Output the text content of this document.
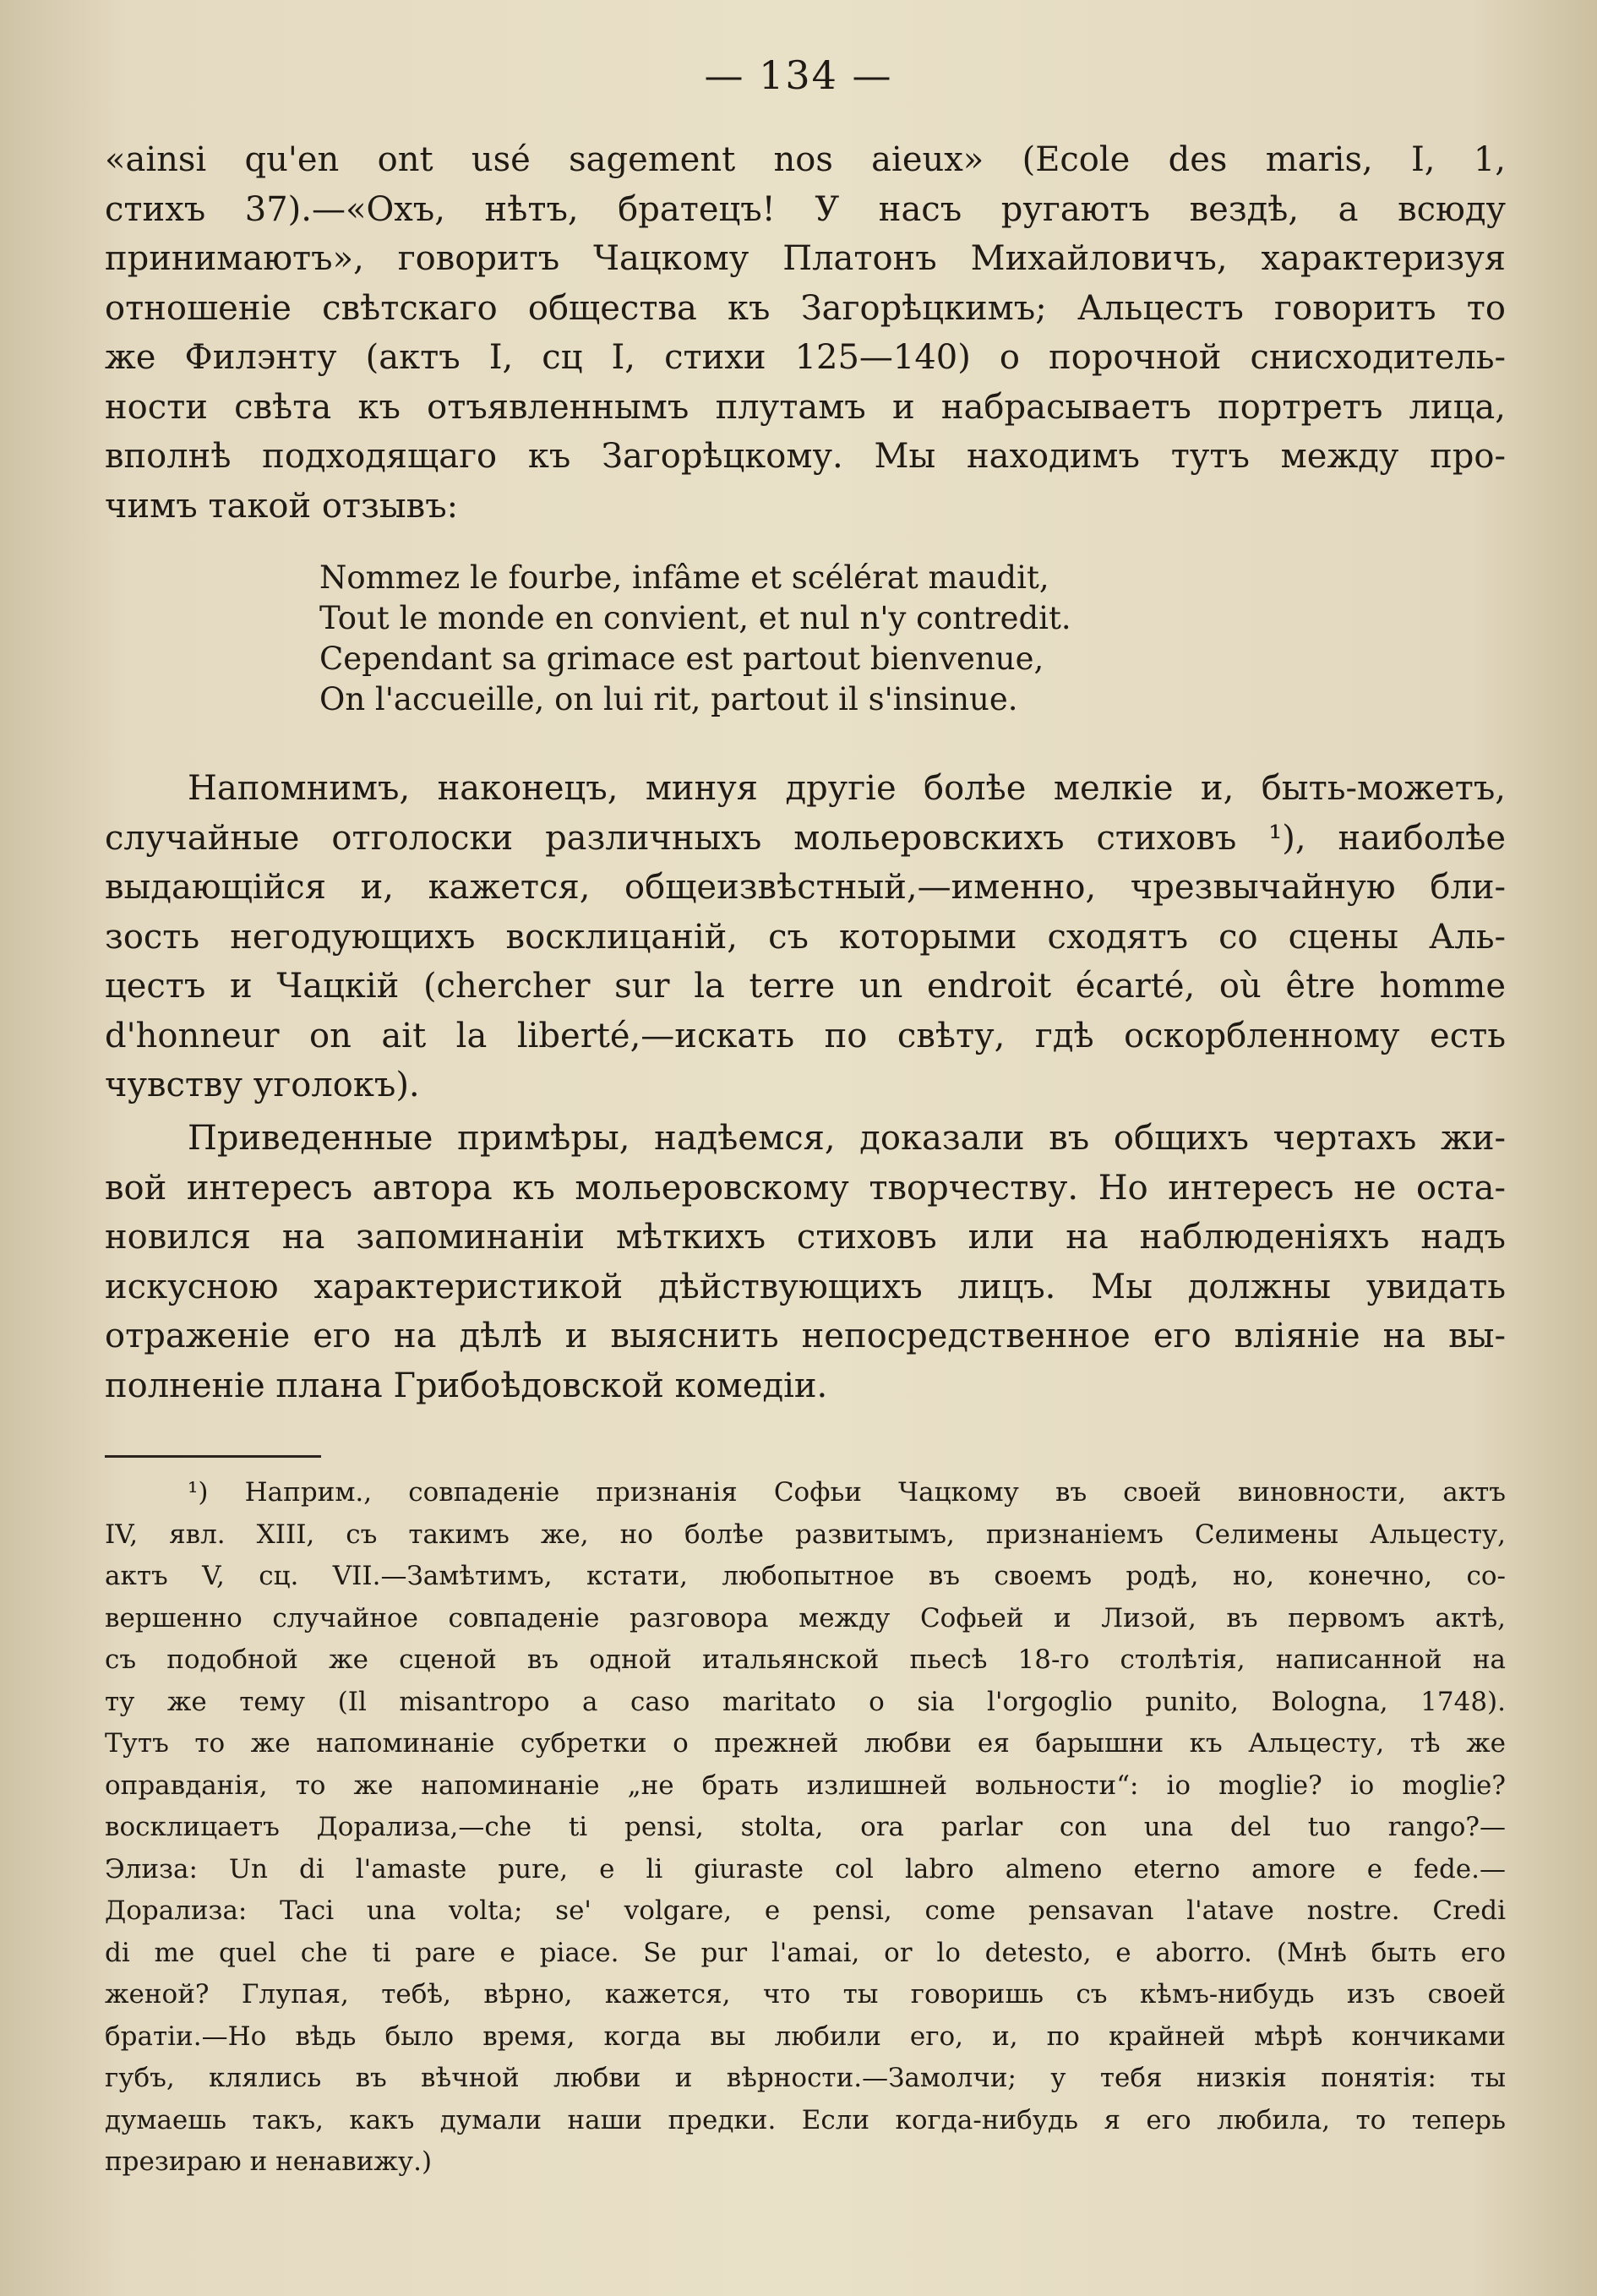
— 134 —
«ainsi qu'en ont usé sagement nos aieux» (Ecole des maris, I, 1,
стихъ 37).—«Охъ, нѣтъ, братецъ! У насъ ругаютъ вездѣ, а всюду
принимаютъ», говоритъ Чацкому Платонъ Михайловичъ, характеризуя
отношеніе свѣтскаго общества къ Загорѣцкимъ; Альцестъ говоритъ то
же Филэнту (актъ I, сц I, стихи 125—140) о порочной снисходитель-
ности свѣта къ отъявленнымъ плутамъ и набрасываетъ портретъ лица,
вполнѣ подходящаго къ Загорѣцкому. Мы находимъ тутъ между про-
чимъ такой отзывъ:
Nommez le fourbe, infâme et scélérat maudit,
Tout le monde en convient, et nul n'y contredit.
Cependant sa grimace est partout bienvenue,
On l'accueille, on lui rit, partout il s'insinue.
Напомнимъ, наконецъ, минуя другіе болѣе мелкіе и, быть-можетъ,
случайные отголоски различныхъ мольеровскихъ стиховъ ¹), наиболѣе
выдающійся и, кажется, общеизвѣстный,—именно, чрезвычайную бли-
зость негодующихъ восклицаній, съ которыми сходятъ со сцены Аль-
цестъ и Чацкій (chercher sur la terre un endroit écarté, où être homme
d'honneur on ait la liberté,—искать по свѣту, гдѣ оскорбленному есть
чувству уголокъ).
Приведенные примѣры, надѣемся, доказали въ общихъ чертахъ жи-
вой интересъ автора къ мольеровскому творчеству. Но интересъ не оста-
новился на запоминаніи мѣткихъ стиховъ или на наблюденіяхъ надъ
искусною характеристикой дѣйствующихъ лицъ. Мы должны увидать
отраженіе его на дѣлѣ и выяснить непосредственное его вліяніе на вы-
полненіе плана Грибоѣдовской комедіи.
¹) Наприм., совпаденіе признанія Софьи Чацкому въ своей виновности, актъ
IV, явл. XIII, съ такимъ же, но болѣе развитымъ, признаніемъ Селимены Альцесту,
актъ V, сц. VII.—Замѣтимъ, кстати, любопытное въ своемъ родѣ, но, конечно, со-
вершенно случайное совпаденіе разговора между Софьей и Лизой, въ первомъ актѣ,
съ подобной же сценой въ одной итальянской пьесѣ 18-го столѣтія, написанной на
ту же тему (Il misantropo a caso maritato o sia l'orgoglio punito, Bologna, 1748).
Тутъ то же напоминаніе субретки о прежней любви ея барышни къ Альцесту, тѣ же
оправданія, то же напоминаніе „не брать излишней вольности“: io moglie? io moglie?
восклицаетъ Дорализа,—che ti pensi, stolta, ora parlar con una del tuo rango?—
Элиза: Un di l'amaste pure, e li giuraste col labro almeno eterno amore e fede.—
Дорализа: Taci una volta; se' volgare, e pensi, come pensavan l'atave nostre. Credi
di me quel che ti pare e piace. Se pur l'amai, or lo detesto, e aborro. (Мнѣ быть его
женой? Глупая, тебѣ, вѣрно, кажется, что ты говоришь съ кѣмъ-нибудь изъ своей
братіи.—Но вѣдь было время, когда вы любили его, и, по крайней мѣрѣ кончиками
губъ, клялись въ вѣчной любви и вѣрности.—Замолчи; у тебя низкія понятія: ты
думаешь такъ, какъ думали наши предки. Если когда-нибудь я его любила, то теперь
презираю и ненавижу.)
